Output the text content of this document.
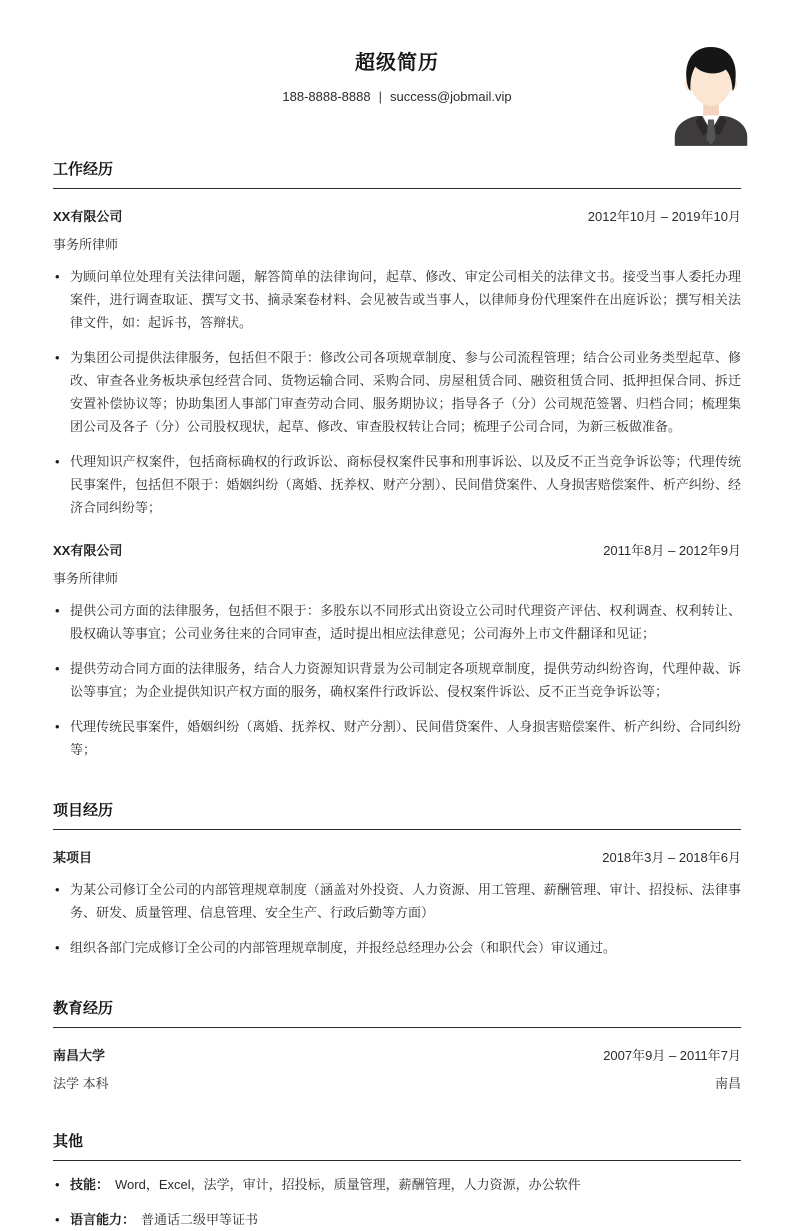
超级简历
188-8888-8888 | success@jobmail.vip
工作经历
XX有限公司	2012年10月 – 2019年10月
事务所律师
• 为顾问单位处理有关法律问题，解答简单的法律询问，起草、修改、审定公司相关的法律文书。接受当事人委托办理案件，进行调查取证、撰写文书、摘录案卷材料、会见被告或当事人，以律师身份代理案件在出庭诉讼；撰写相关法律文件，如：起诉书，答辩状。
• 为集团公司提供法律服务，包括但不限于：修改公司各项规章制度、参与公司流程管理；结合公司业务类型起草、修改、审查各业务板块承包经营合同、货物运输合同、采购合同、房屋租赁合同、融资租赁合同、抵押担保合同、拆迁安置补偿协议等；协助集团人事部门审查劳动合同、服务期协议；指导各子（分）公司规范签署、归档合同；梳理集团公司及各子（分）公司股权现状，起草、修改、审查股权转让合同；梳理子公司合同，为新三板做准备。
• 代理知识产权案件，包括商标确权的行政诉讼、商标侵权案件民事和刑事诉讼、以及反不正当竞争诉讼等；代理传统民事案件，包括但不限于：婚姻纠纷（离婚、抚养权、财产分割）、民间借贷案件、人身损害赔偿案件、析产纠纷、经济合同纠纷等；
XX有限公司	2011年8月 – 2012年9月
事务所律师
• 提供公司方面的法律服务，包括但不限于：多股东以不同形式出资设立公司时代理资产评估、权利调查、权利转让、股权确认等事宜；公司业务往来的合同审查，适时提出相应法律意见；公司海外上市文件翻译和见证；
• 提供劳动合同方面的法律服务，结合人力资源知识背景为公司制定各项规章制度，提供劳动纠纷咨询，代理仲裁、诉讼等事宜；为企业提供知识产权方面的服务，确权案件行政诉讼、侵权案件诉讼、反不正当竞争诉讼等；
• 代理传统民事案件，婚姻纠纷（离婚、抚养权、财产分割）、民间借贷案件、人身损害赔偿案件、析产纠纷、合同纠纷等；
项目经历
某项目	2018年3月 – 2018年6月
• 为某公司修订全公司的内部管理规章制度（涵盖对外投资、人力资源、用工管理、薪酬管理、审计、招投标、法律事务、研发、质量管理、信息管理、安全生产、行政后勤等方面）
• 组织各部门完成修订全公司的内部管理规章制度，并报经总经理办公会（和职代会）审议通过。
教育经历
南昌大学	2007年9月 – 2011年7月
法学 本科	南昌
其他
• 技能： Word，Excel，法学，审计，招投标，质量管理，薪酬管理，人力资源，办公软件
• 语言能力： 普通话二级甲等证书
